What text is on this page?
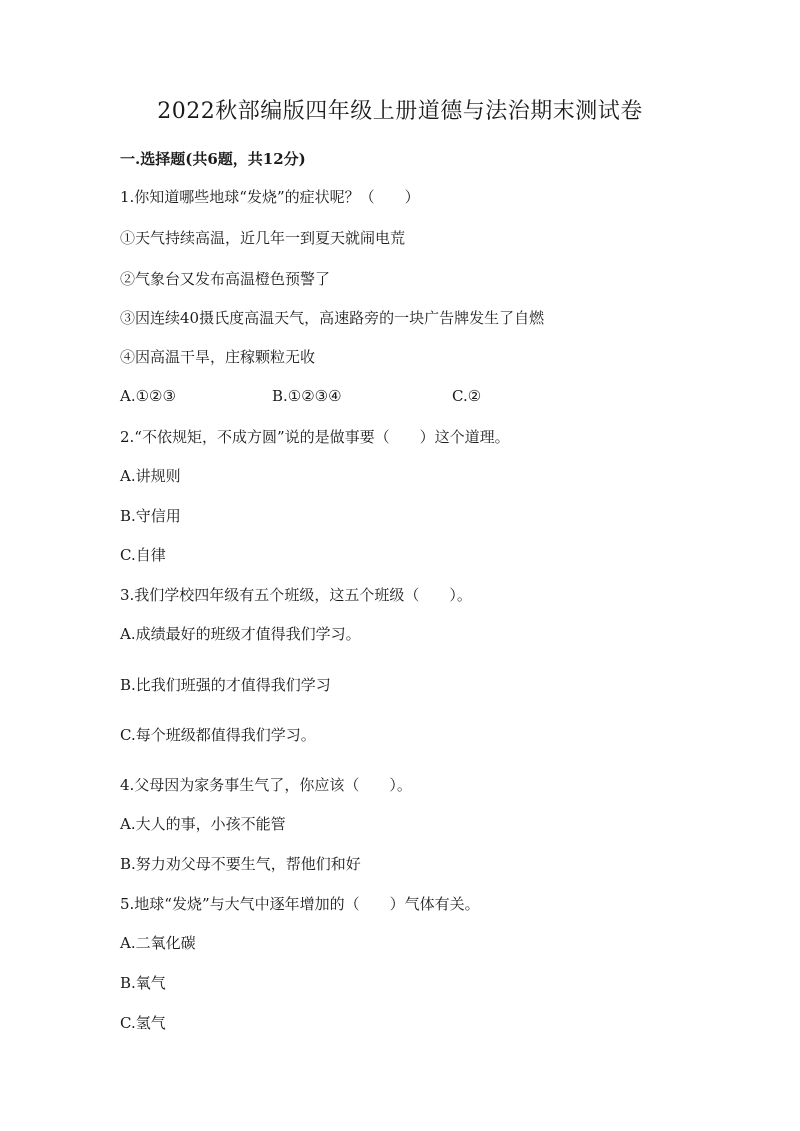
2022秋部编版四年级上册道德与法治期末测试卷
一.选择题(共6题，共12分)
1.你知道哪些地球“发烧”的症状呢？（　　）
①天气持续高温，近几年一到夏天就闹电荒
②气象台又发布高温橙色预警了
③因连续40摄氏度高温天气，高速路旁的一块广告牌发生了自燃
④因高温干旱，庄稼颗粒无收
A.①②③	B.①②③④	C.②
2.“不依规矩，不成方圆”说的是做事要（　　）这个道理。
A.讲规则
B.守信用
C.自律
3.我们学校四年级有五个班级，这五个班级（　　）。
A.成绩最好的班级才值得我们学习。
B.比我们班强的才值得我们学习
C.每个班级都值得我们学习。
4.父母因为家务事生气了，你应该（　　）。
A.大人的事，小孩不能管
B.努力劝父母不要生气，帮他们和好
5.地球“发烧”与大气中逐年增加的（　　）气体有关。
A.二氧化碳
B.氧气
C.氢气
